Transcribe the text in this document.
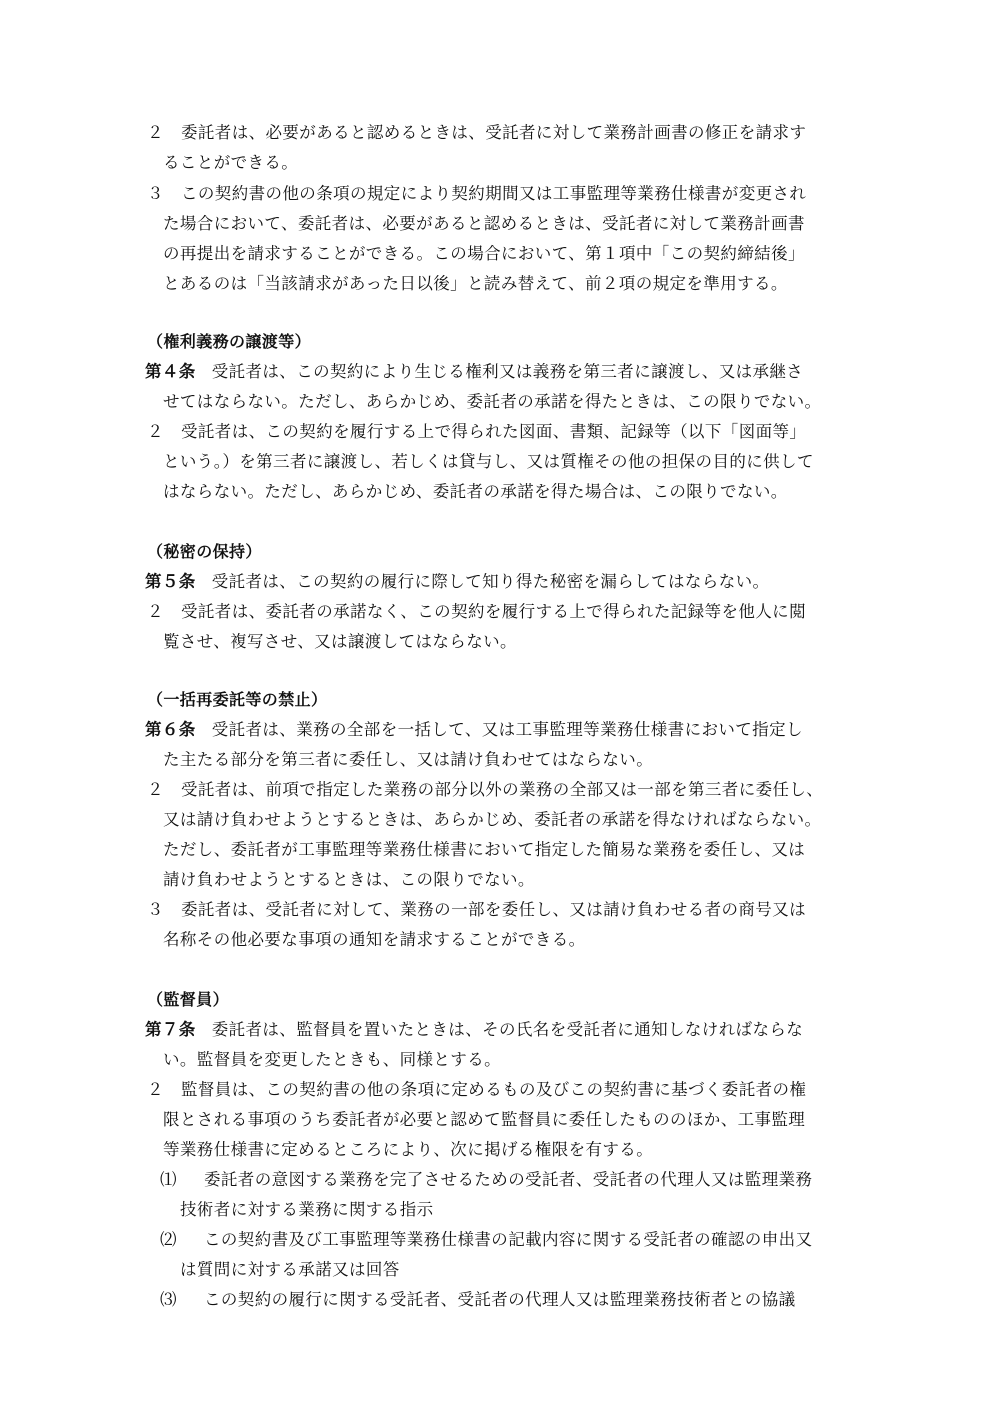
２ 委託者は、必要があると認めるときは、受託者に対して業務計画書の修正を請求す
ることができる。
３ この契約書の他の条項の規定により契約期間又は工事監理等業務仕様書が変更され
た場合において、委託者は、必要があると認めるときは、受託者に対して業務計画書
の再提出を請求することができる。この場合において、第１項中「この契約締結後」
とあるのは「当該請求があった日以後」と読み替えて、前２項の規定を準用する。
（権利義務の譲渡等）
第４条 受託者は、この契約により生じる権利又は義務を第三者に譲渡し、又は承継さ
せてはならない。ただし、あらかじめ、委託者の承諾を得たときは、この限りでない。
２ 受託者は、この契約を履行する上で得られた図面、書類、記録等（以下「図面等」
という。）を第三者に譲渡し、若しくは貸与し、又は質権その他の担保の目的に供して
はならない。ただし、あらかじめ、委託者の承諾を得た場合は、この限りでない。
（秘密の保持）
第５条 受託者は、この契約の履行に際して知り得た秘密を漏らしてはならない。
２ 受託者は、委託者の承諾なく、この契約を履行する上で得られた記録等を他人に閲
覧させ、複写させ、又は譲渡してはならない。
（一括再委託等の禁止）
第６条 受託者は、業務の全部を一括して、又は工事監理等業務仕様書において指定し
た主たる部分を第三者に委任し、又は請け負わせてはならない。
２ 受託者は、前項で指定した業務の部分以外の業務の全部又は一部を第三者に委任し、
又は請け負わせようとするときは、あらかじめ、委託者の承諾を得なければならない。
ただし、委託者が工事監理等業務仕様書において指定した簡易な業務を委任し、又は
請け負わせようとするときは、この限りでない。
３ 委託者は、受託者に対して、業務の一部を委任し、又は請け負わせる者の商号又は
名称その他必要な事項の通知を請求することができる。
（監督員）
第７条 委託者は、監督員を置いたときは、その氏名を受託者に通知しなければならな
い。監督員を変更したときも、同様とする。
２ 監督員は、この契約書の他の条項に定めるもの及びこの契約書に基づく委託者の権
限とされる事項のうち委託者が必要と認めて監督員に委任したもののほか、工事監理
等業務仕様書に定めるところにより、次に掲げる権限を有する。
⑴ 委託者の意図する業務を完了させるための受託者、受託者の代理人又は監理業務
技術者に対する業務に関する指示
⑵ この契約書及び工事監理等業務仕様書の記載内容に関する受託者の確認の申出又
は質問に対する承諾又は回答
⑶ この契約の履行に関する受託者、受託者の代理人又は監理業務技術者との協議
